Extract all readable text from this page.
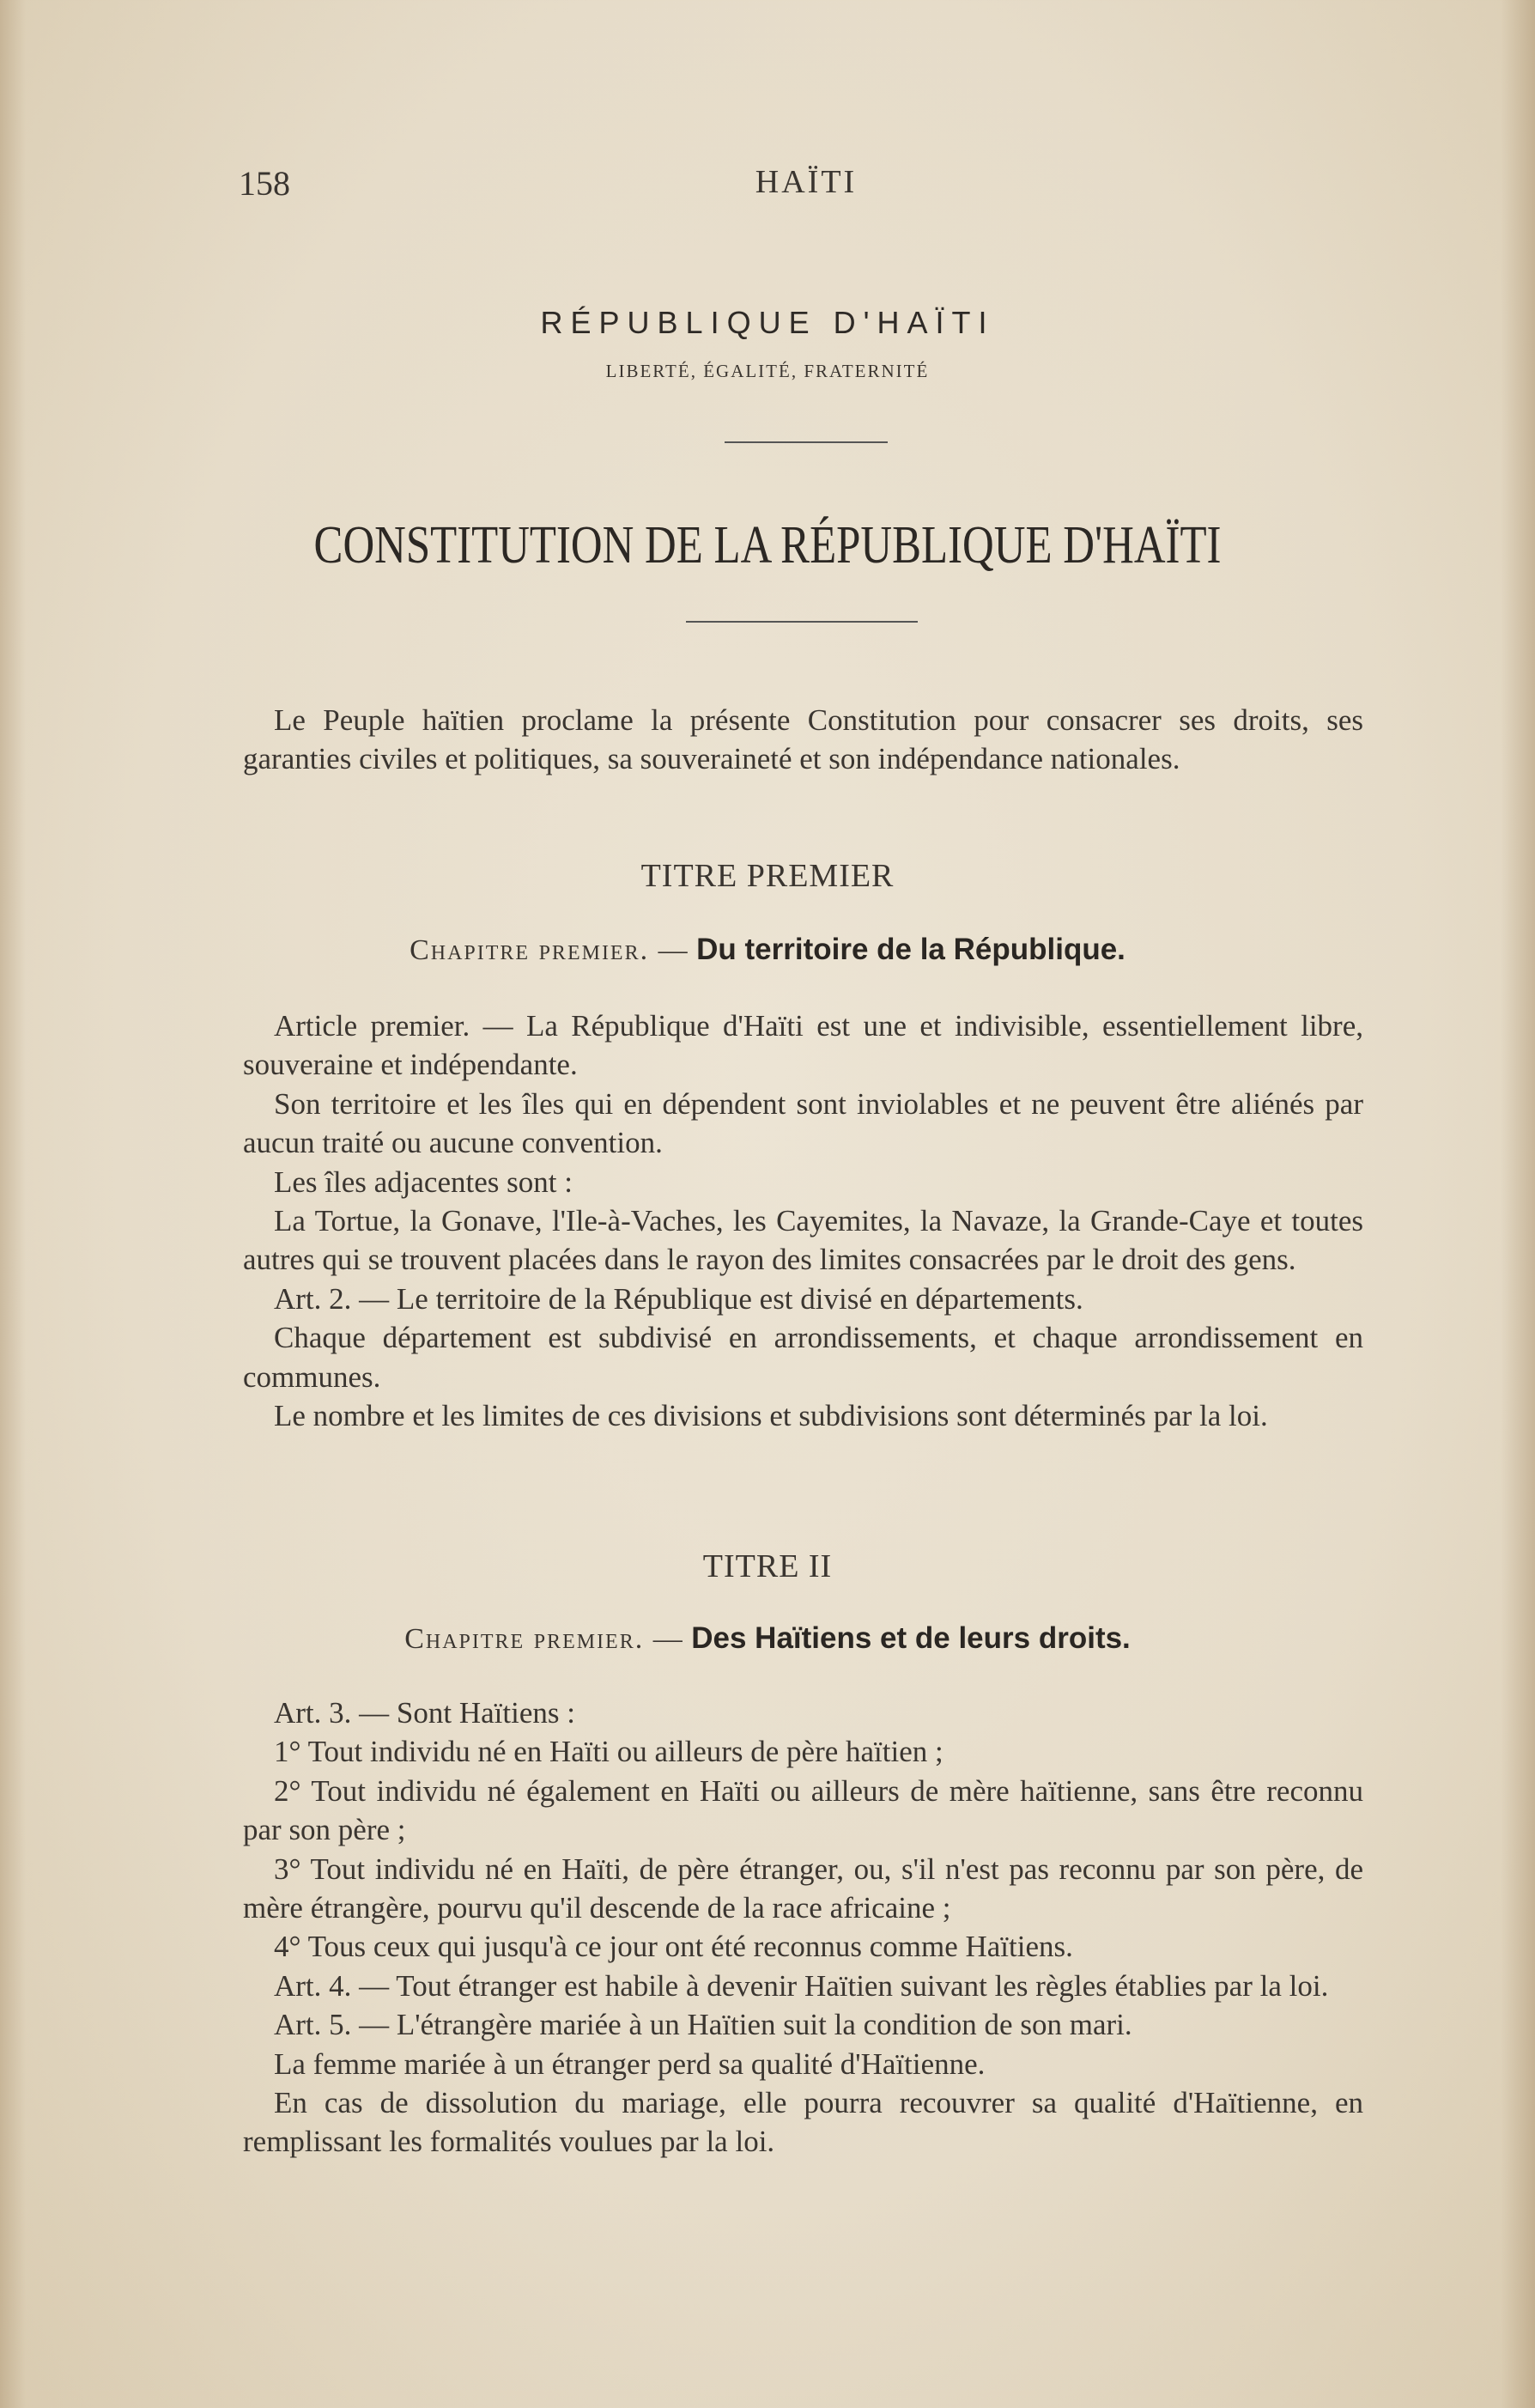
158	HAÏTI
RÉPUBLIQUE D'HAÏTI
LIBERTÉ, ÉGALITÉ, FRATERNITÉ
CONSTITUTION DE LA RÉPUBLIQUE D'HAÏTI

Le Peuple haïtien proclame la présente Constitution pour consacrer ses droits, ses garanties civiles et politiques, sa souveraineté et son indépendance nationales.

TITRE PREMIER
Chapitre premier. — Du territoire de la République.

Article premier. — La République d'Haïti est une et indivisible, essentiellement libre, souveraine et indépendante.

Son territoire et les îles qui en dépendent sont inviolables et ne peuvent être aliénés par aucun traité ou aucune convention.

Les îles adjacentes sont :

La Tortue, la Gonave, l'Ile-à-Vaches, les Cayemites, la Navaze, la Grande-Caye et toutes autres qui se trouvent placées dans le rayon des limites consacrées par le droit des gens.

Art. 2. — Le territoire de la République est divisé en départements.

Chaque département est subdivisé en arrondissements, et chaque arrondissement en communes.

Le nombre et les limites de ces divisions et subdivisions sont déterminés par la loi.

TITRE II
Chapitre premier. — Des Haïtiens et de leurs droits.

Art. 3. — Sont Haïtiens :

1° Tout individu né en Haïti ou ailleurs de père haïtien ;

2° Tout individu né également en Haïti ou ailleurs de mère haïtienne, sans être reconnu par son père ;

3° Tout individu né en Haïti, de père étranger, ou, s'il n'est pas reconnu par son père, de mère étrangère, pourvu qu'il descende de la race africaine ;

4° Tous ceux qui jusqu'à ce jour ont été reconnus comme Haïtiens.

Art. 4. — Tout étranger est habile à devenir Haïtien suivant les règles établies par la loi.

Art. 5. — L'étrangère mariée à un Haïtien suit la condition de son mari.

La femme mariée à un étranger perd sa qualité d'Haïtienne.

En cas de dissolution du mariage, elle pourra recouvrer sa qualité d'Haïtienne, en remplissant les formalités voulues par la loi.
